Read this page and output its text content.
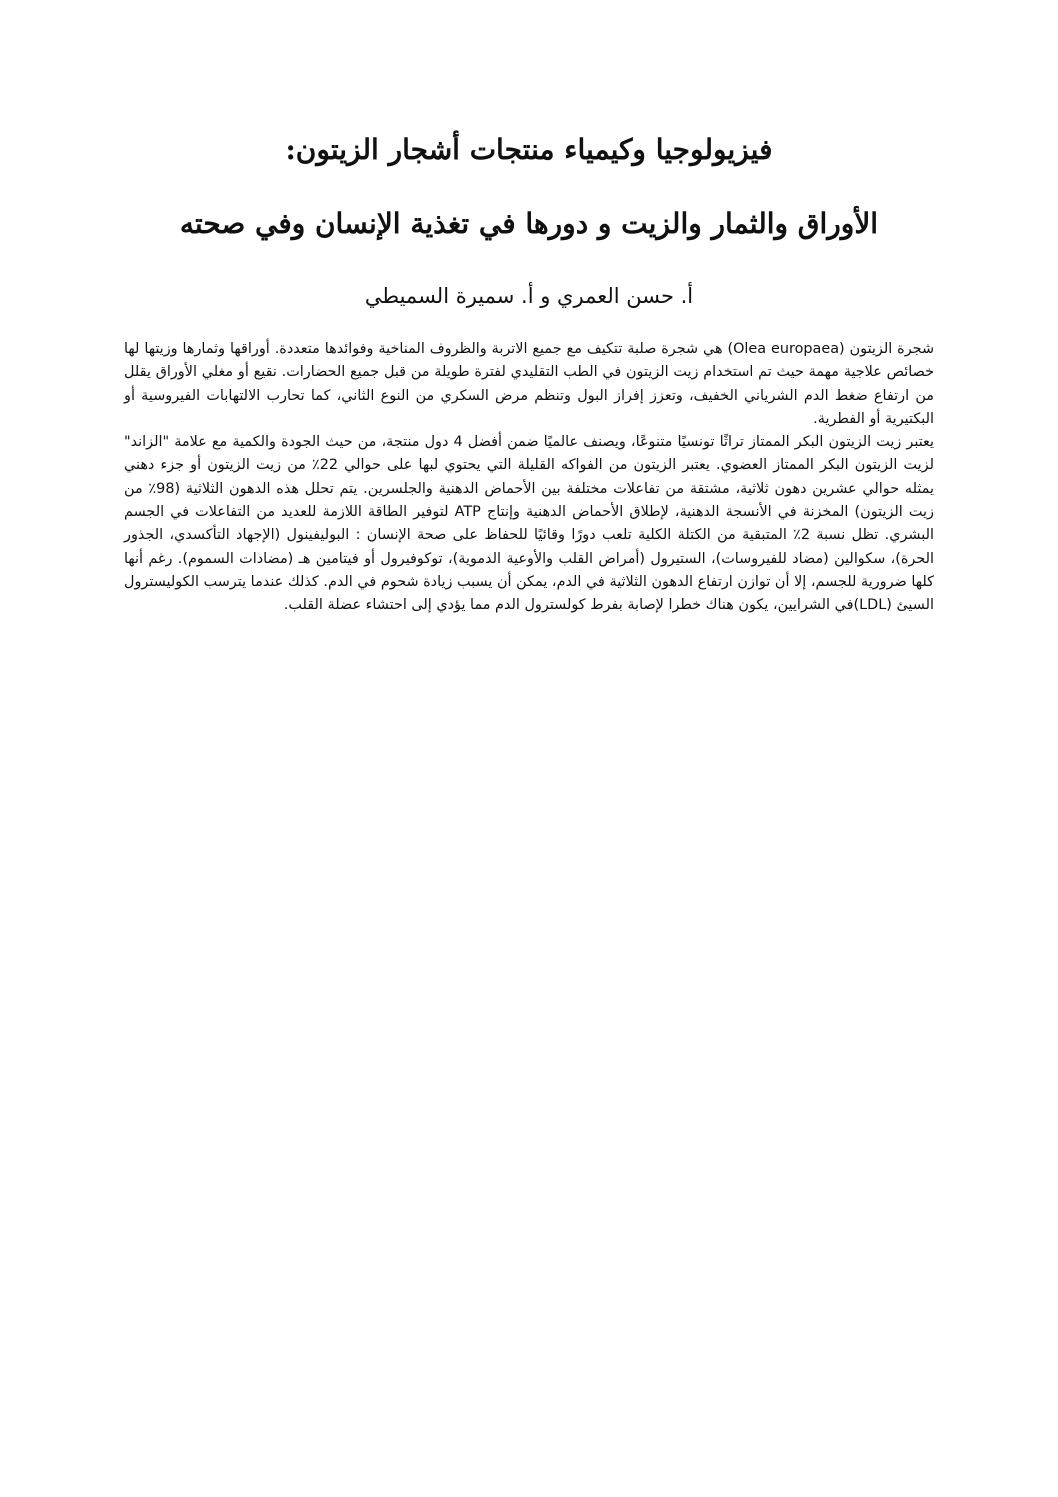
فيزيولوجيا وكيمياء منتجات أشجار الزيتون:
الأوراق والثمار والزيت و دورها في تغذية الإنسان وفي صحته
أ. حسن العمري و أ. سميرة السميطي

شجرة الزيتون (Olea europaea) هي شجرة صلبة تتكيف مع جميع الاتربة والظروف المناخية وفوائدها متعددة. أوراقها وثمارها وزيتها لها خصائص علاجية مهمة حيث تم استخدام زيت الزيتون في الطب التقليدي لفترة طويلة من قبل جميع الحضارات. نقيع أو مغلي الأوراق يقلل من ارتفاع ضغط الدم الشرياني الخفيف، وتعزز إفراز البول وتنظم مرض السكري من النوع الثاني، كما تحارب الالتهابات الفيروسية أو البكتيرية أو الفطرية.

يعتبر زيت الزيتون البكر الممتاز تراثًا تونسيًا متنوعًا، ويصنف عالميًا ضمن أفضل 4 دول منتجة، من حيث الجودة والكمية مع علامة "الزاند" لزيت الزيتون البكر الممتاز العضوي. يعتبر الزيتون من الفواكه القليلة التي يحتوي لبها على حوالي 22٪ من زيت الزيتون أو جزء دهني يمثله حوالي عشرين دهون ثلاثية، مشتقة من تفاعلات مختلفة بين الأحماض الدهنية والجلسرين. يتم تحلل هذه الدهون الثلاثية (98٪ من زيت الزيتون) المخزنة في الأنسجة الدهنية، لإطلاق الأحماض الدهنية وإنتاج ATP لتوفير الطاقة اللازمة للعديد من التفاعلات في الجسم البشري. تظل نسبة 2٪ المتبقية من الكتلة الكلية تلعب دورًا وقائيًا للحفاظ على صحة الإنسان : البوليفينول (الإجهاد التأكسدي، الجذور الحرة)، سكوالين (مضاد للفيروسات)، الستيرول (أمراض القلب والأوعية الدموية)، توكوفيرول أو فيتامين هـ (مضادات السموم). رغم أنها كلها ضرورية للجسم، إلا أن توازن ارتفاع الدهون الثلاثية في الدم، يمكن أن يسبب زيادة شحوم في الدم. كذلك عندما يترسب الكوليسترول السيئ (LDL)في الشرايين، يكون هناك خطرا لإصابة بفرط كولسترول الدم مما يؤدي إلى احتشاء عضلة القلب.
